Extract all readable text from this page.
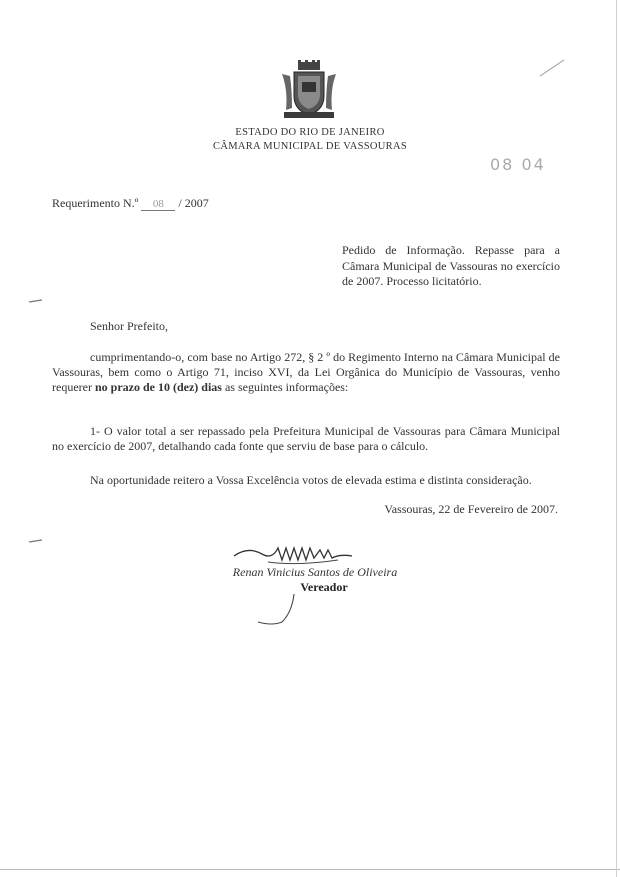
ESTADO DO RIO DE JANEIRO
CÂMARA MUNICIPAL DE VASSOURAS
08 04
Requerimento N.º 08 / 2007
Pedido de Informação. Repasse para a Câmara Municipal de Vassouras no exercício de 2007. Processo licitatório.
Senhor Prefeito,
cumprimentando-o, com base no Artigo 272, § 2 º do Regimento Interno na Câmara Municipal de Vassouras, bem como o Artigo 71, inciso XVI, da Lei Orgânica do Município de Vassouras, venho requerer no prazo de 10 (dez) dias as seguintes informações:
1- O valor total a ser repassado pela Prefeitura Municipal de Vassouras para Câmara Municipal no exercício de 2007, detalhando cada fonte que serviu de base para o cálculo.
Na oportunidade reitero a Vossa Excelência votos de elevada estima e distinta consideração.
Vassouras, 22 de Fevereiro de 2007.
Renan Vinicius Santos de Oliveira
Vereador
